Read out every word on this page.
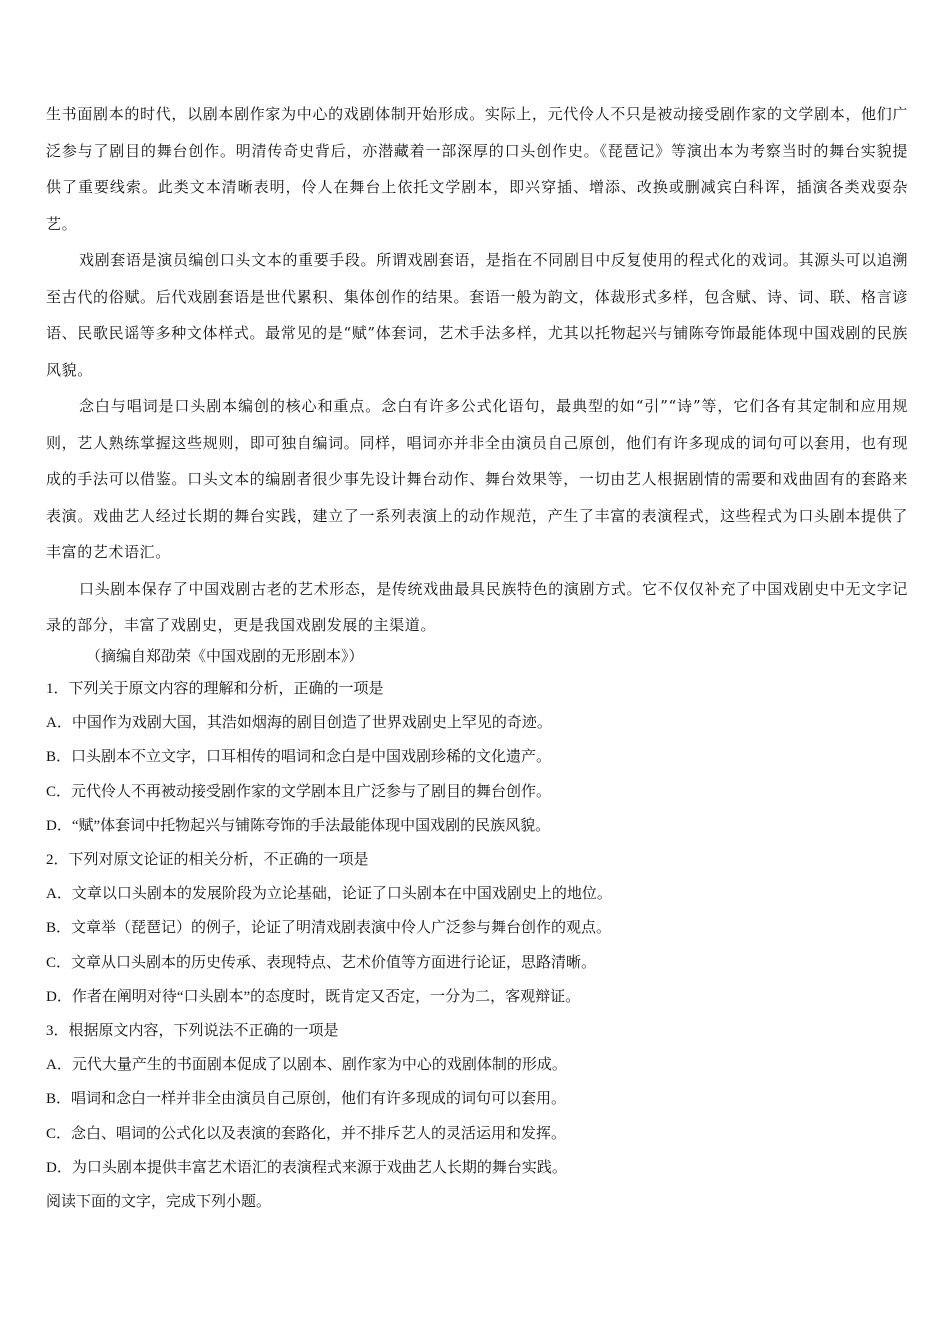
生书面剧本的时代，以剧本剧作家为中心的戏剧体制开始形成。实际上，元代伶人不只是被动接受剧作家的文学剧本，他们广泛参与了剧目的舞台创作。明清传奇史背后，亦潜藏着一部深厚的口头创作史。《琵琶记》等演出本为考察当时的舞台实貌提供了重要线索。此类文本清晰表明，伶人在舞台上依托文学剧本，即兴穿插、增添、改换或删减宾白科诨，插演各类戏耍杂艺。

戏剧套语是演员编创口头文本的重要手段。所谓戏剧套语，是指在不同剧目中反复使用的程式化的戏词。其源头可以追溯至古代的俗赋。后代戏剧套语是世代累积、集体创作的结果。套语一般为韵文，体裁形式多样，包含赋、诗、词、联、格言谚语、民歌民谣等多种文体样式。最常见的是“赋”体套词，艺术手法多样，尤其以托物起兴与铺陈夸饰最能体现中国戏剧的民族风貌。

念白与唱词是口头剧本编创的核心和重点。念白有许多公式化语句，最典型的如“引”“诗”等，它们各有其定制和应用规则，艺人熟练掌握这些规则，即可独自编词。同样，唱词亦并非全由演员自己原创，他们有许多现成的词句可以套用，也有现成的手法可以借鉴。口头文本的编剧者很少事先设计舞台动作、舞台效果等，一切由艺人根据剧情的需要和戏曲固有的套路来表演。戏曲艺人经过长期的舞台实践，建立了一系列表演上的动作规范，产生了丰富的表演程式，这些程式为口头剧本提供了丰富的艺术语汇。

口头剧本保存了中国戏剧古老的艺术形态，是传统戏曲最具民族特色的演剧方式。它不仅仅补充了中国戏剧史中无文字记录的部分，丰富了戏剧史，更是我国戏剧发展的主渠道。

（摘编自郑劭荣《中国戏剧的无形剧本》）
1．下列关于原文内容的理解和分析，正确的一项是
A．中国作为戏剧大国，其浩如烟海的剧目创造了世界戏剧史上罕见的奇迹。
B．口头剧本不立文字，口耳相传的唱词和念白是中国戏剧珍稀的文化遗产。
C．元代伶人不再被动接受剧作家的文学剧本且广泛参与了剧目的舞台创作。
D．“赋”体套词中托物起兴与铺陈夸饰的手法最能体现中国戏剧的民族风貌。
2．下列对原文论证的相关分析，不正确的一项是
A．文章以口头剧本的发展阶段为立论基础，论证了口头剧本在中国戏剧史上的地位。
B．文章举（琵琶记）的例子，论证了明清戏剧表演中伶人广泛参与舞台创作的观点。
C．文章从口头剧本的历史传承、表现特点、艺术价值等方面进行论证，思路清晰。
D．作者在阐明对待“口头剧本”的态度时，既肯定又否定，一分为二，客观辩证。
3．根据原文内容，下列说法不正确的一项是
A．元代大量产生的书面剧本促成了以剧本、剧作家为中心的戏剧体制的形成。
B．唱词和念白一样并非全由演员自己原创，他们有许多现成的词句可以套用。
C．念白、唱词的公式化以及表演的套路化，并不排斥艺人的灵活运用和发挥。
D．为口头剧本提供丰富艺术语汇的表演程式来源于戏曲艺人长期的舞台实践。
阅读下面的文字，完成下列小题。
